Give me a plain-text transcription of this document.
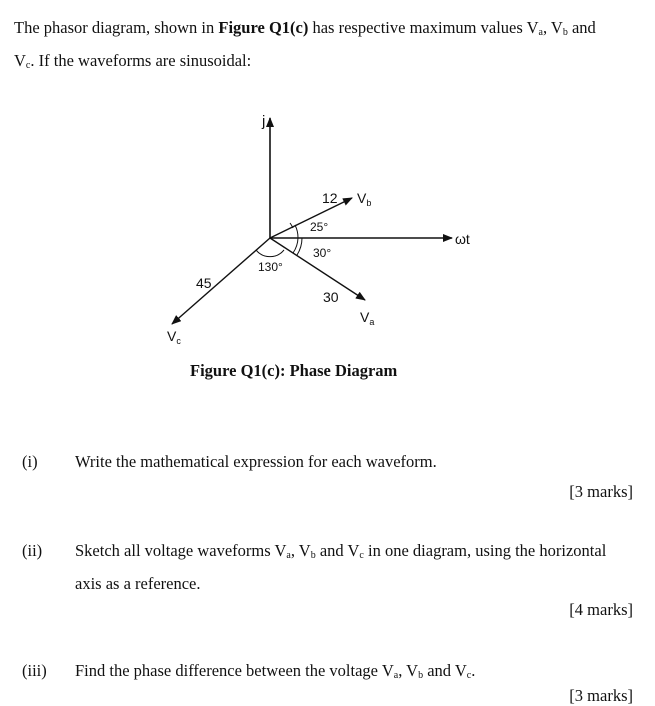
The phasor diagram, shown in Figure Q1(c) has respective maximum values $V_a$, $V_b$ and
$V_c$. If the waveforms are sinusoidal:
j
ωt
12 $V_b$
25°
30°
30
$V_a$
130°
45
$V_c$
Figure Q1(c): Phase Diagram
(i) Write the mathematical expression for each waveform.
[3 marks]
(ii) Sketch all voltage waveforms $V_a$, $V_b$ and $V_c$ in one diagram, using the horizontal
axis as a reference.
[4 marks]
(iii) Find the phase difference between the voltage $V_a$, $V_b$ and $V_c$.
[3 marks]
